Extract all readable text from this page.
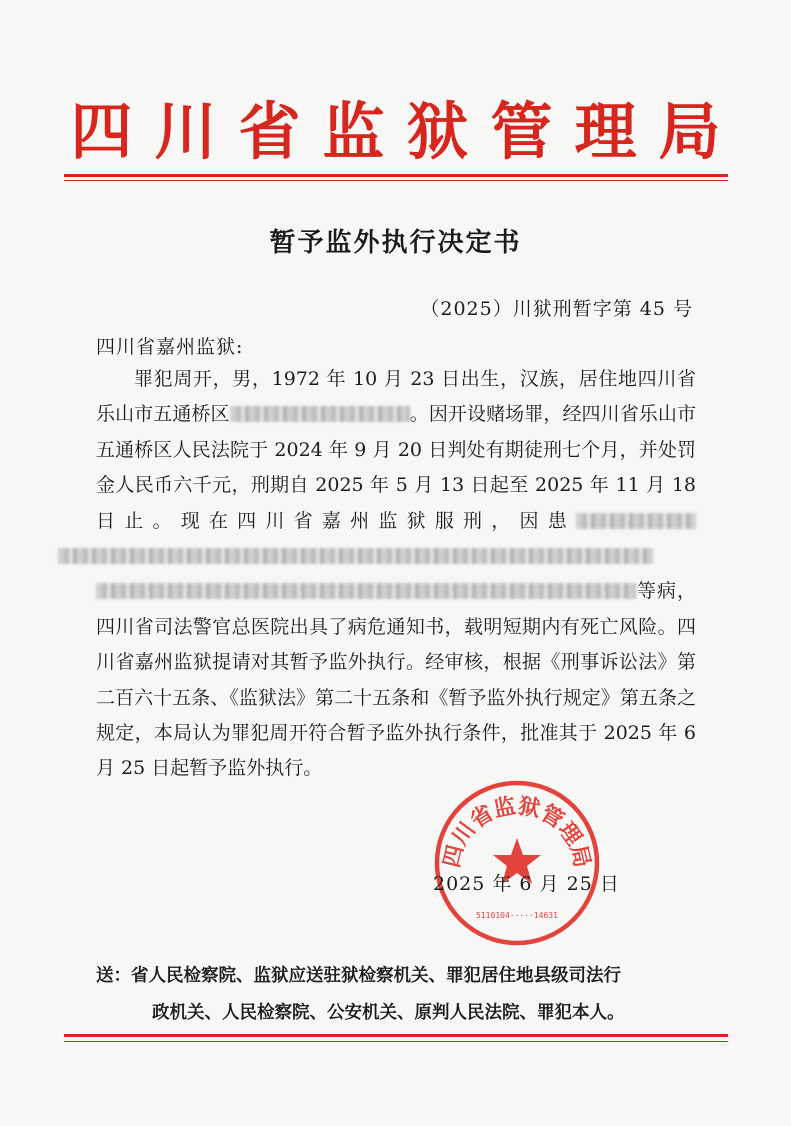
四川省监狱管理局
暂予监外执行决定书
（2025）川狱刑暂字第 45 号
四川省嘉州监狱:

罪犯周开，男，1972 年 10 月 23 日出生，汉族，居住地四川省乐山市五通桥区	。因开设赌场罪，经四川省乐山市五通桥区人民法院于 2024 年 9 月 20 日判处有期徒刑七个月，并处罚金人民币六千元，刑期自 2025 年 5 月 13 日起至 2025 年 11 月 18 日止。现在四川省嘉州监狱服刑，因患等病，四川省司法警官总医院出具了病危通知书，载明短期内有死亡风险。四川省嘉州监狱提请对其暂予监外执行。经审核，根据《刑事诉讼法》第二百六十五条、《监狱法》第二十五条和《暂予监外执行规定》第五条之规定，本局认为罪犯周开符合暂予监外执行条件，批准其于 2025 年 6 月 25 日起暂予监外执行。

四川省监狱管理局
5110104·····14631
2025 年 6 月 25 日
送：省人民检察院、监狱应送驻狱检察机关、罪犯居住地县级司法行
政机关、人民检察院、公安机关、原判人民法院、罪犯本人。
